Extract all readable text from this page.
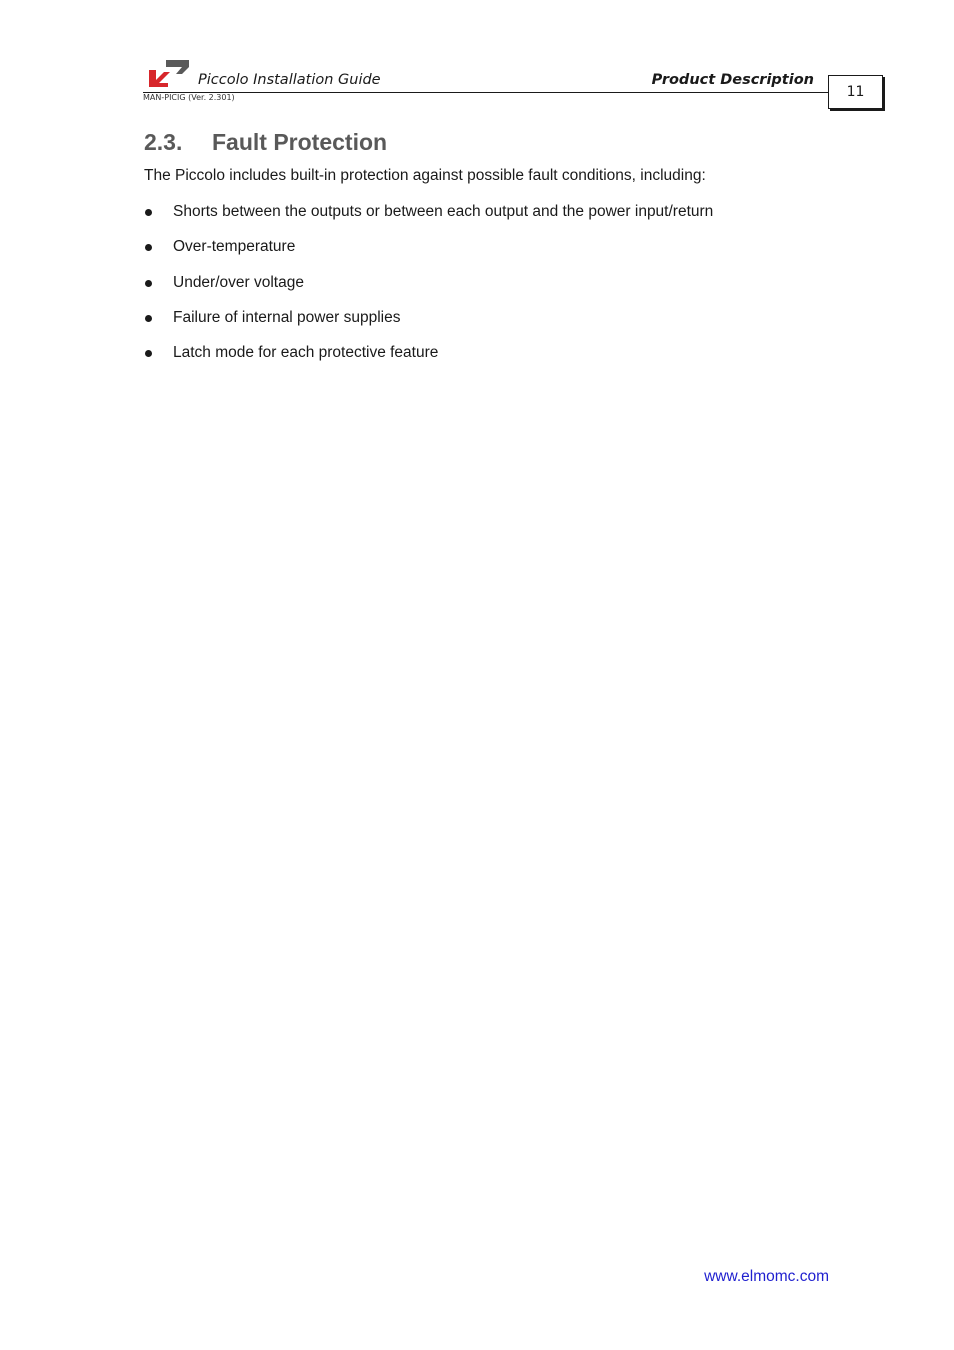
Piccolo Installation Guide	Product Description
MAN-PICIG (Ver. 2.301)	11
2.3. Fault Protection
The Piccolo includes built-in protection against possible fault conditions, including:
Shorts between the outputs or between each output and the power input/return
Over-temperature
Under/over voltage
Failure of internal power supplies
Latch mode for each protective feature
www.elmomc.com
